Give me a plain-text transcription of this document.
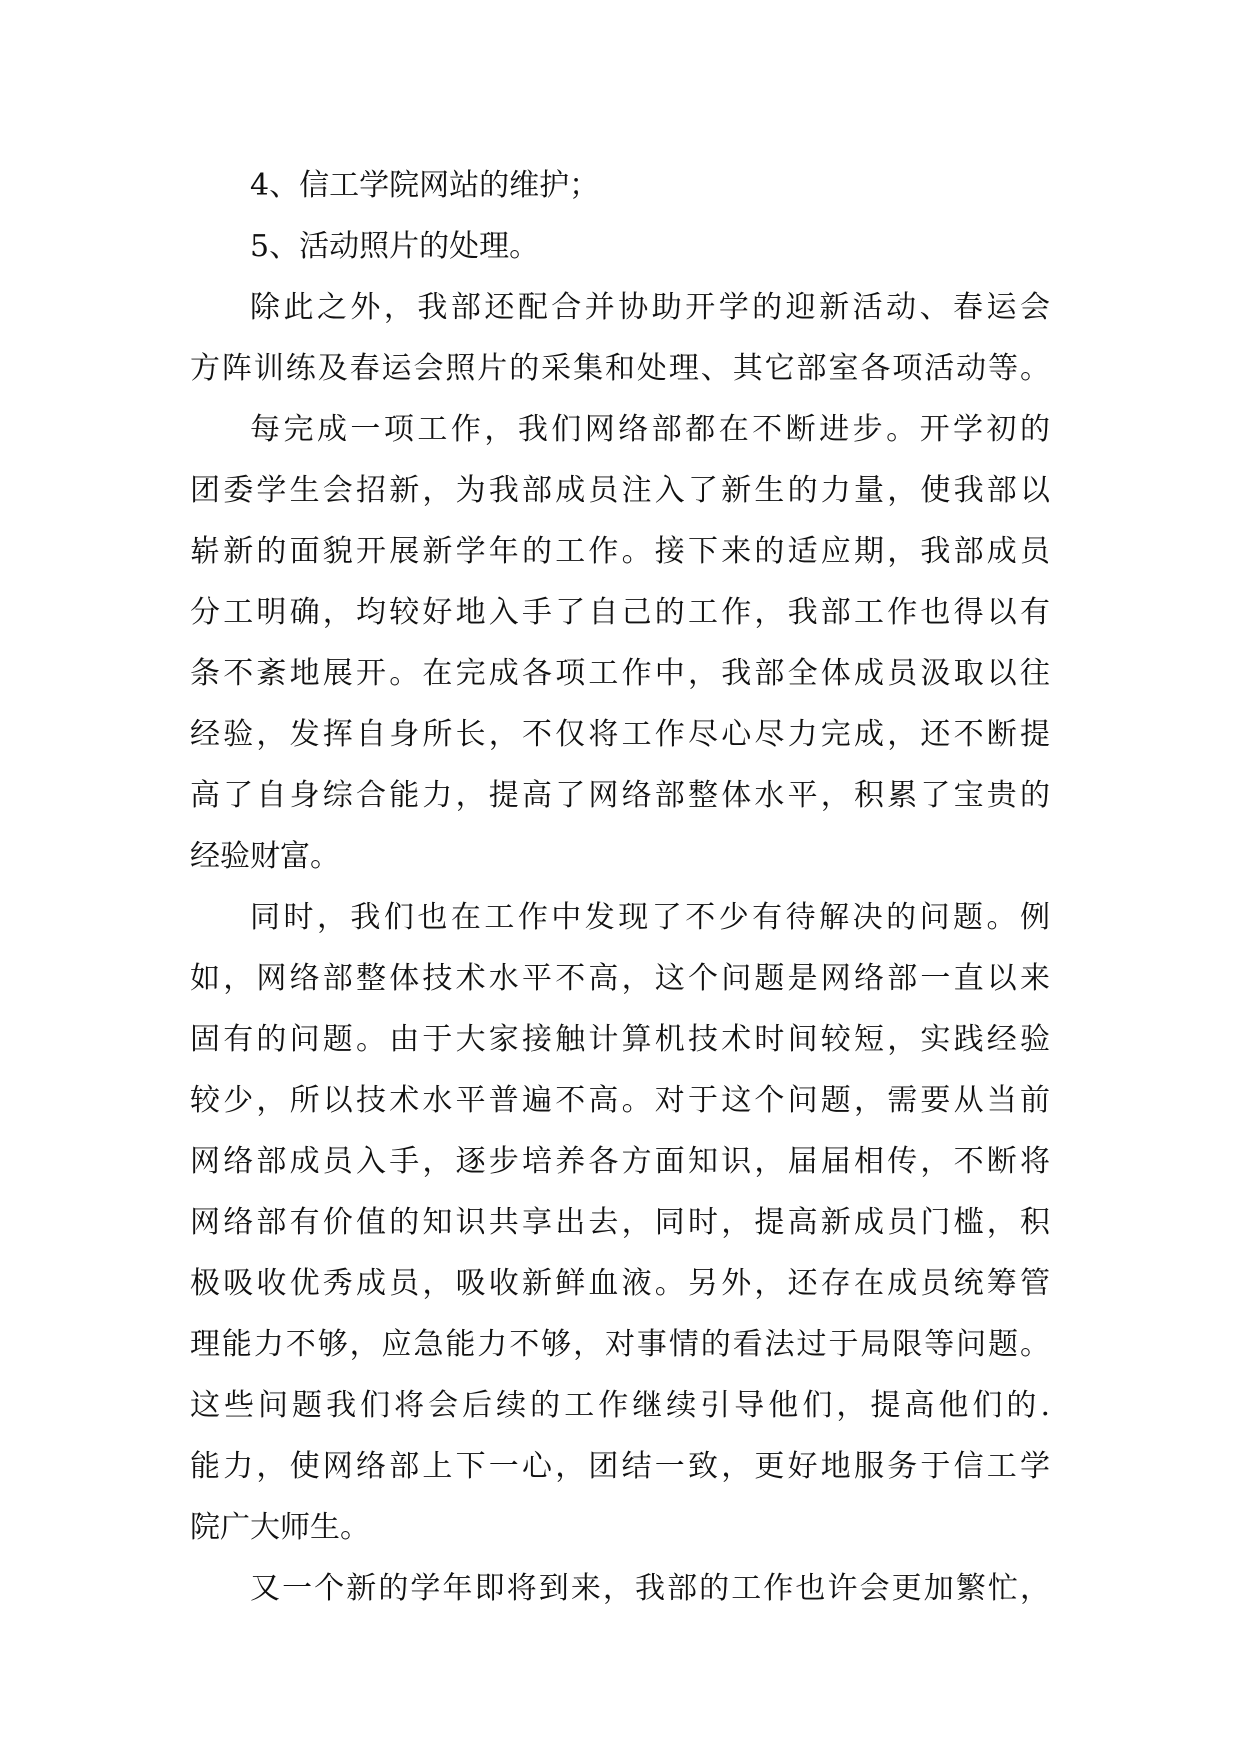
4、信工学院网站的维护；
5、活动照片的处理。
除此之外，我部还配合并协助开学的迎新活动、春运会
方阵训练及春运会照片的采集和处理、其它部室各项活动等。
每完成一项工作，我们网络部都在不断进步。开学初的
团委学生会招新，为我部成员注入了新生的力量，使我部以
崭新的面貌开展新学年的工作。接下来的适应期，我部成员
分工明确，均较好地入手了自己的工作，我部工作也得以有
条不紊地展开。在完成各项工作中，我部全体成员汲取以往
经验，发挥自身所长，不仅将工作尽心尽力完成，还不断提
高了自身综合能力，提高了网络部整体水平，积累了宝贵的
经验财富。
同时，我们也在工作中发现了不少有待解决的问题。例
如，网络部整体技术水平不高，这个问题是网络部一直以来
固有的问题。由于大家接触计算机技术时间较短，实践经验
较少，所以技术水平普遍不高。对于这个问题，需要从当前
网络部成员入手，逐步培养各方面知识，届届相传，不断将
网络部有价值的知识共享出去，同时，提高新成员门槛，积
极吸收优秀成员，吸收新鲜血液。另外，还存在成员统筹管
理能力不够，应急能力不够，对事情的看法过于局限等问题。
这些问题我们将会后续的工作继续引导他们，提高他们的.
能力，使网络部上下一心，团结一致，更好地服务于信工学
院广大师生。
又一个新的学年即将到来，我部的工作也许会更加繁忙，
